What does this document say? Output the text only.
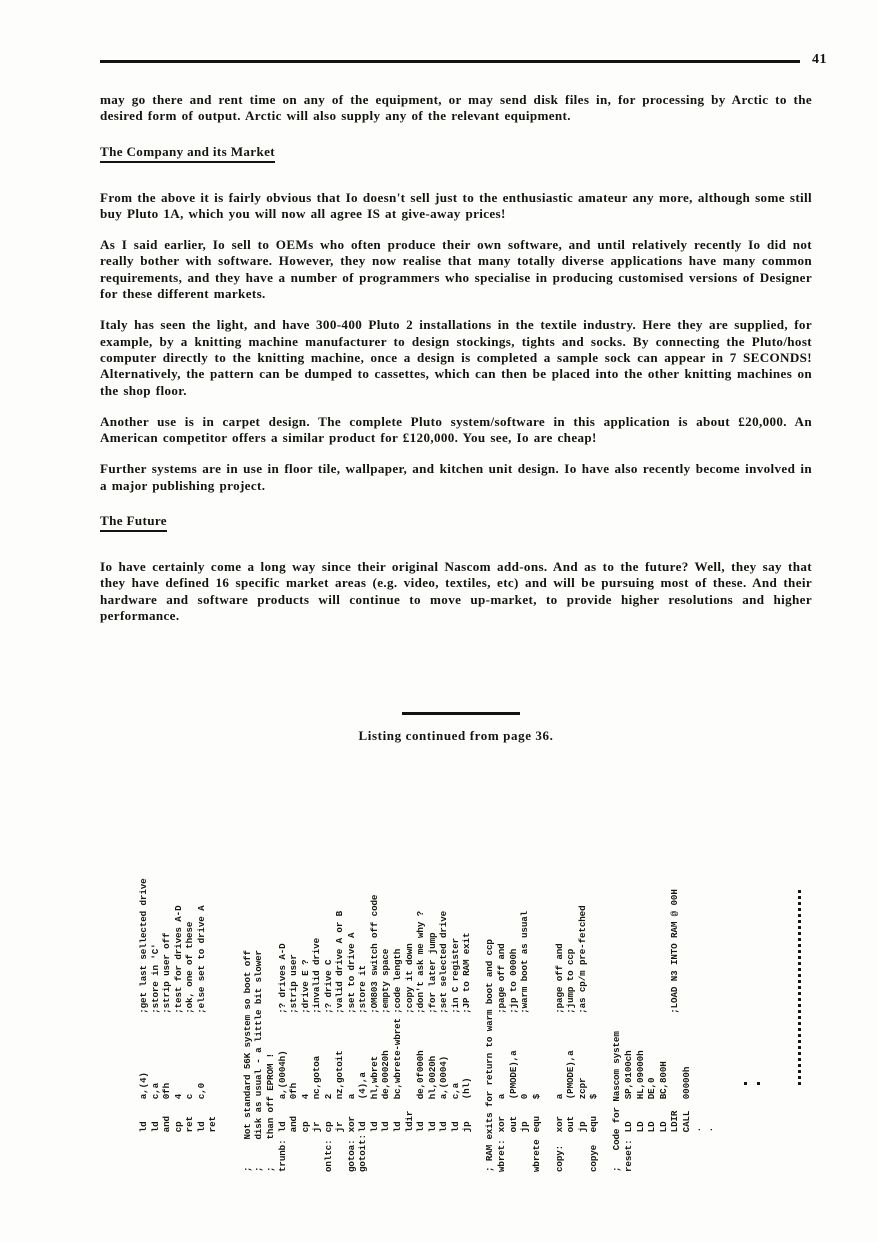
41

may go there and rent time on any of the equipment, or may send disk files in, for processing by Arctic to the desired form of output. Arctic will also supply any of the relevant equipment.

The Company and its Market

From the above it is fairly obvious that Io doesn't sell just to the enthusiastic amateur any more, although some still buy Pluto 1A, which you will now all agree IS at give-away prices!

As I said earlier, Io sell to OEMs who often produce their own software, and until relatively recently Io did not really bother with software. However, they now realise that many totally diverse applications have many common requirements, and they have a number of programmers who specialise in producing customised versions of Designer for these different markets.

Italy has seen the light, and have 300-400 Pluto 2 installations in the textile industry. Here they are supplied, for example, by a knitting machine manufacturer to design stockings, tights and socks. By connecting the Pluto/host computer directly to the knitting machine, once a design is completed a sample sock can appear in 7 SECONDS! Alternatively, the pattern can be dumped to cassettes, which can then be placed into the other knitting machines on the shop floor.

Another use is in carpet design. The complete Pluto system/software in this application is about £20,000. An American competitor offers a similar product for £120,000. You see, Io are cheap!

Further systems are in use in floor tile, wallpaper, and kitchen unit design. Io have also recently become involved in a major publishing project.

The Future

Io have certainly come a long way since their original Nascom add-ons. And as to the future? Well, they say that they have defined 16 specific market areas (e.g. video, textiles, etc) and will be pursuing most of these. And their hardware and software products will continue to move up-market, to provide higher resolutions and higher performance.

Listing continued from page 36.
lda,(4);get last sellected drive
ldc,a;store in 'C'
and0fh;strip user off
cp4;test for drives A-D
retc;ok, one of these
ldc,0;else set to drive A
ret	;     Not standard 56K system so boot off ;     disk as usual - a little bit slower ;     than off EPROM ! trunb:lda,(0004h);? drives A-D
and0fh;strip user
cp4;drive E ?
jrnc,gotoa;invalid drive
onltc:cp2;? drive C
jrnz,gotoit;valid drive A or B
gotoa:xora;set to drive A
gotoit:ld(4),a;store it
ldhl,wbret;OM803 switch off code
ldde,00020h;empty space
ldbc,wbrete-wbret;code length
ldir;copy it down
ldde,0f000h;don't ask me why ?
ldhl,0020h;for later jump
lda,(0004);set selected drive
ldc,a;in C register
jp(hl);JP to RAM exit ; RAM exits for return to warm boot and ccp wbret:xora;page off and
out(PMODE),a;jp to 0000h
jp0;warm boot as usual
wbreteequ$
copy:xora;page off and
out(PMODE),a;jump to ccp
jpzcpr;as cp/m pre-fetched
copyeequ$ ;   Code for Nascom system reset:LDSP,0100ch
LDHL,09000h
LDDE,0
LDBC,800H
LDIR;LOAD N3 INTO RAM @ 00H
CALL00000h
. .
